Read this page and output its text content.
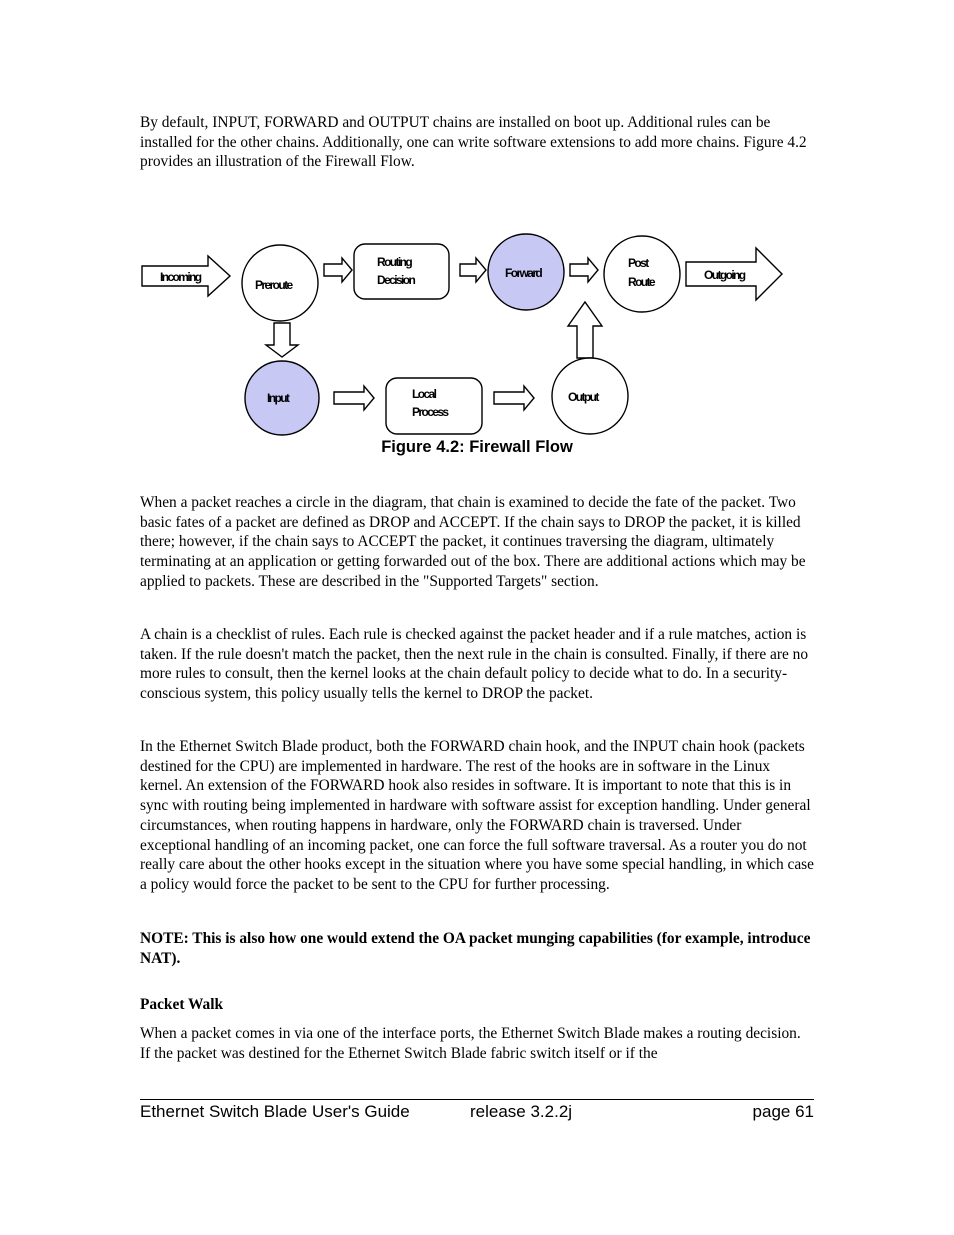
By default, INPUT, FORWARD and OUTPUT chains are installed on boot up. Additional rules can be installed for the other chains. Additionally, one can write software extensions to add more chains. Figure 4.2 provides an illustration of the Firewall Flow.

Incoming
Preroute
Routing
Decision	Forward
Post
Route	Outgoing
Input	Local
Process
Output

Figure 4.2: Firewall Flow

When a packet reaches a circle in the diagram, that chain is examined to decide the fate of the packet. Two basic fates of a packet are defined as DROP and ACCEPT. If the chain says to DROP the packet, it is killed there; however, if the chain says to ACCEPT the packet, it continues traversing the diagram, ultimately terminating at an application or getting forwarded out of the box. There are additional actions which may be applied to packets. These are described in the "Supported Targets" section.

A chain is a checklist of rules. Each rule is checked against the packet header and if a rule matches, action is taken. If the rule doesn't match the packet, then the next rule in the chain is consulted. Finally, if there are no more rules to consult, then the kernel looks at the chain default policy to decide what to do. In a security-conscious system, this policy usually tells the kernel to DROP the packet.

In the Ethernet Switch Blade product, both the FORWARD chain hook, and the INPUT chain hook (packets destined for the CPU) are implemented in hardware. The rest of the hooks are in software in the Linux kernel. An extension of the FORWARD hook also resides in software. It is important to note that this is in sync with routing being implemented in hardware with software assist for exception handling. Under general circumstances, when routing happens in hardware, only the FORWARD chain is traversed. Under exceptional handling of an incoming packet, one can force the full software traversal. As a router you do not really care about the other hooks except in the situation where you have some special handling, in which case a policy would force the packet to be sent to the CPU for further processing.

NOTE: This is also how one would extend the OA packet munging capabilities (for example, introduce NAT).

Packet Walk

When a packet comes in via one of the interface ports, the Ethernet Switch Blade makes a routing decision. If the packet was destined for the Ethernet Switch Blade fabric switch itself or if the

Ethernet Switch Blade User's Guide	release 3.2.2j	page 61
